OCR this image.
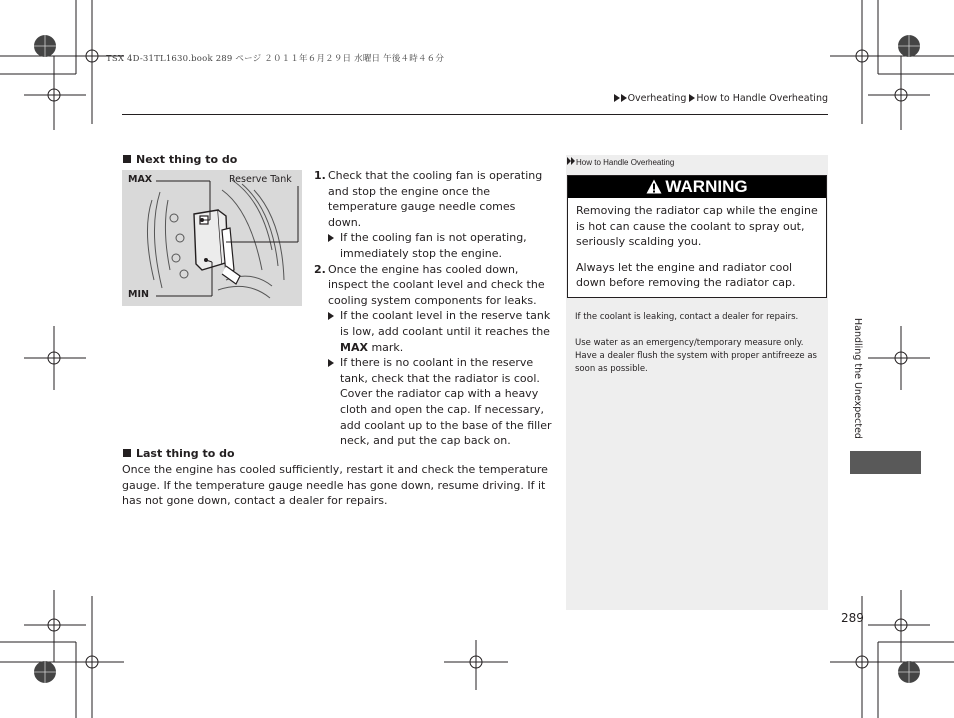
TSX 4D-31TL1630.book 289 ページ ２０１１年６月２９日 水曜日 午後４時４６分
Overheating How to Handle Overheating
Next thing to do
MAX	Reserve Tank
MIN
1. Check that the cooling fan is operating and stop the engine once the temperature gauge needle comes down.
If the cooling fan is not operating, immediately stop the engine.
2. Once the engine has cooled down, inspect the coolant level and check the cooling system components for leaks.
If the coolant level in the reserve tank is low, add coolant until it reaches the MAX mark.
If there is no coolant in the reserve tank, check that the radiator is cool. Cover the radiator cap with a heavy cloth and open the cap. If necessary, add coolant up to the base of the filler neck, and put the cap back on.
Last thing to do
Once the engine has cooled sufficiently, restart it and check the temperature gauge. If the temperature gauge needle has gone down, resume driving. If it has not gone down, contact a dealer for repairs.
How to Handle Overheating
WARNING

Removing the radiator cap while the engine is hot can cause the coolant to spray out, seriously scalding you.

Always let the engine and radiator cool down before removing the radiator cap.

If the coolant is leaking, contact a dealer for repairs.
Use water as an emergency/temporary measure only. Have a dealer flush the system with proper antifreeze as soon as possible.	Handling the Unexpected
289
